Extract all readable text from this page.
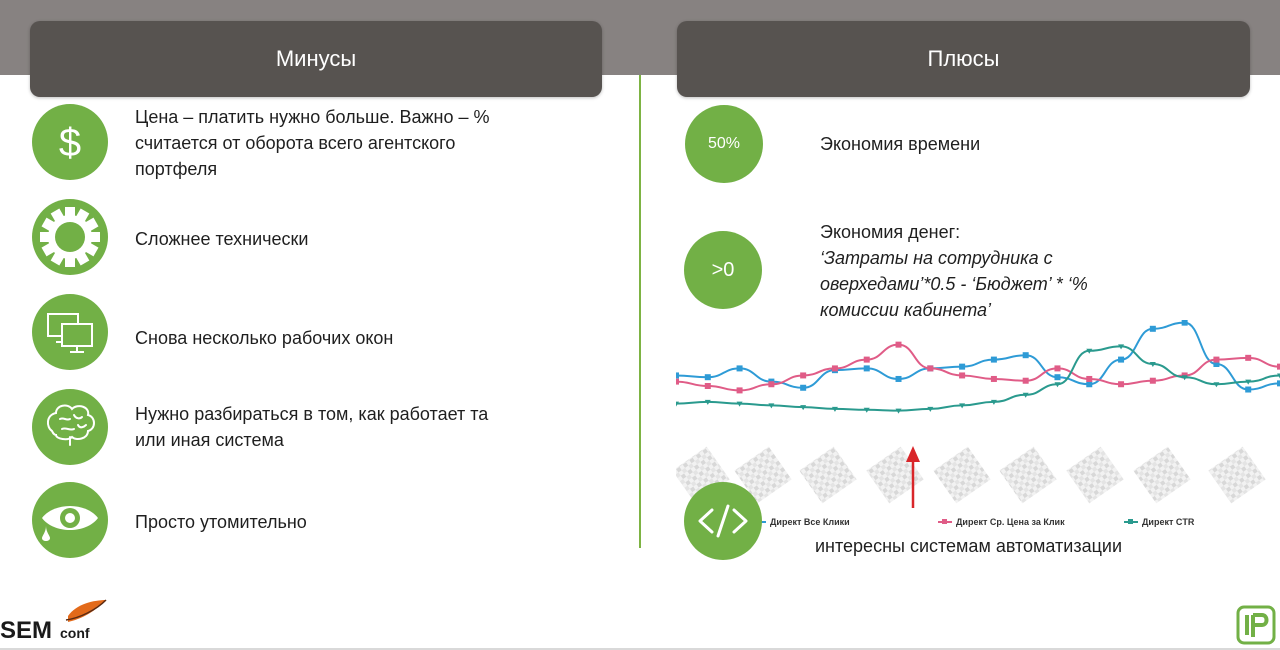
Минусы	Плюсы
$
Цена – платить нужно больше. Важно – % считается от оборота всего агентского портфеля
Сложнее технически
Снова несколько рабочих окон
Нужно разбираться в том, как работает та или иная система
Просто утомительно
50%	Экономия времени
>0
Экономия денег:
‘Затраты на сотрудника с оверхедами’*0.5 - ‘Бюджет’ * ‘% комиссии кабинета’
Директ Все Клики	Директ Ср. Цена за Клик	Директ CTR
интересны системам автоматизации
SEM conf
